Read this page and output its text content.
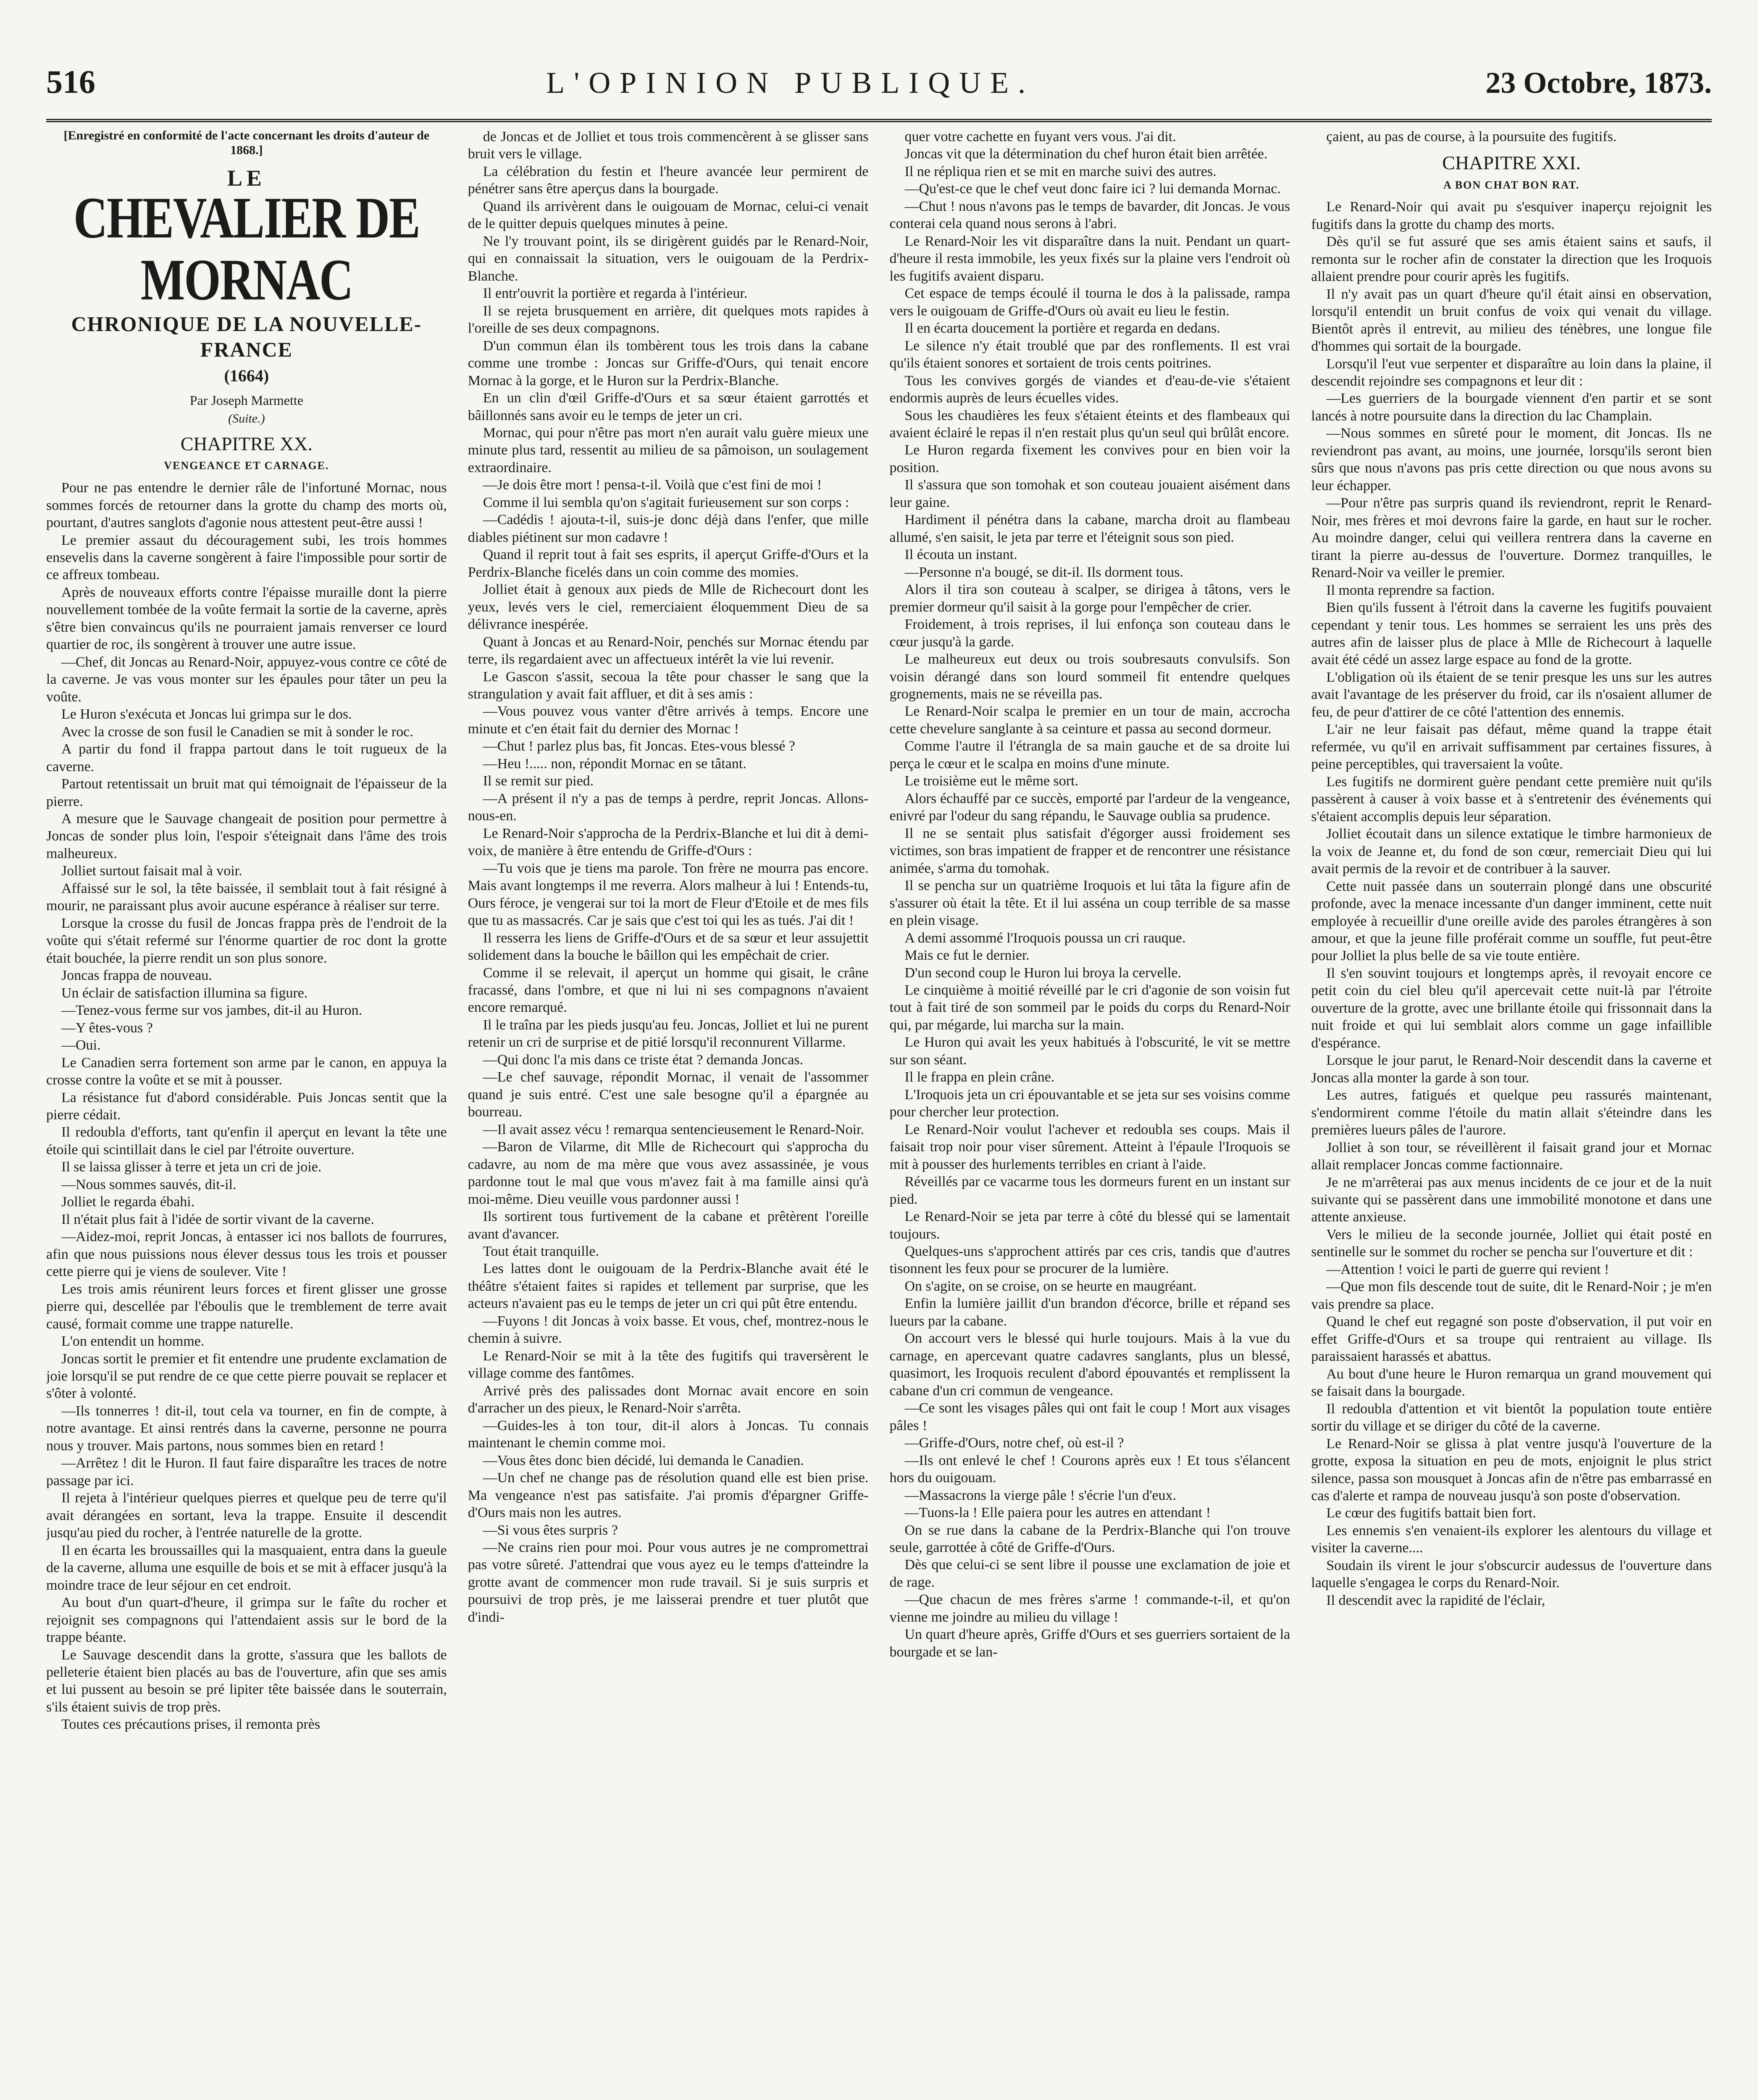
516	L'OPINION PUBLIQUE.	23 Octobre, 1873.
[Enregistré en conformité de l'acte concernant les droits d'auteur de 1868.]
LE
CHEVALIER DE MORNAC
CHRONIQUE DE LA NOUVELLE-FRANCE
(1664)
Par Joseph Marmette
(Suite.)
CHAPITRE XX.
VENGEANCE ET CARNAGE.

Pour ne pas entendre le dernier râle de l'infortuné Mornac, nous sommes forcés de retourner dans la grotte du champ des morts où, pourtant, d'autres sanglots d'agonie nous attestent peut-être aussi !

Le premier assaut du découragement subi, les trois hommes ensevelis dans la caverne songèrent à faire l'impossible pour sortir de ce affreux tombeau.

Après de nouveaux efforts contre l'épaisse muraille dont la pierre nouvellement tombée de la voûte fermait la sortie de la caverne, après s'être bien convaincus qu'ils ne pourraient jamais renverser ce lourd quartier de roc, ils songèrent à trouver une autre issue.

—Chef, dit Joncas au Renard-Noir, appuyez-vous contre ce côté de la caverne. Je vas vous monter sur les épaules pour tâter un peu la voûte.

Le Huron s'exécuta et Joncas lui grimpa sur le dos.

Avec la crosse de son fusil le Canadien se mit à sonder le roc.

A partir du fond il frappa partout dans le toit rugueux de la caverne.

Partout retentissait un bruit mat qui témoignait de l'épaisseur de la pierre.

A mesure que le Sauvage changeait de position pour permettre à Joncas de sonder plus loin, l'espoir s'éteignait dans l'âme des trois malheureux.

Jolliet surtout faisait mal à voir.

Affaissé sur le sol, la tête baissée, il semblait tout à fait résigné à mourir, ne paraissant plus avoir aucune espérance à réaliser sur terre.

Lorsque la crosse du fusil de Joncas frappa près de l'endroit de la voûte qui s'était refermé sur l'énorme quartier de roc dont la grotte était bouchée, la pierre rendit un son plus sonore.

Joncas frappa de nouveau.

Un éclair de satisfaction illumina sa figure.

—Tenez-vous ferme sur vos jambes, dit-il au Huron.

—Y êtes-vous ?

—Oui.

Le Canadien serra fortement son arme par le canon, en appuya la crosse contre la voûte et se mit à pousser.

La résistance fut d'abord considérable. Puis Joncas sentit que la pierre cédait.

Il redoubla d'efforts, tant qu'enfin il aperçut en levant la tête une étoile qui scintillait dans le ciel par l'étroite ouverture.

Il se laissa glisser à terre et jeta un cri de joie.

—Nous sommes sauvés, dit-il.

Jolliet le regarda ébahi.

Il n'était plus fait à l'idée de sortir vivant de la caverne.

—Aidez-moi, reprit Joncas, à entasser ici nos ballots de fourrures, afin que nous puissions nous élever dessus tous les trois et pousser cette pierre qui je viens de soulever. Vite !

Les trois amis réunirent leurs forces et firent glisser une grosse pierre qui, descellée par l'éboulis que le tremblement de terre avait causé, formait comme une trappe naturelle.

L'on entendit un homme.

Joncas sortit le premier et fit entendre une prudente exclamation de joie lorsqu'il se put rendre de ce que cette pierre pouvait se replacer et s'ôter à volonté.

—Ils tonnerres ! dit-il, tout cela va tourner, en fin de compte, à notre avantage. Et ainsi rentrés dans la caverne, personne ne pourra nous y trouver. Mais partons, nous sommes bien en retard !

—Arrêtez ! dit le Huron. Il faut faire disparaître les traces de notre passage par ici.

Il rejeta à l'intérieur quelques pierres et quelque peu de terre qu'il avait dérangées en sortant, leva la trappe. Ensuite il descendit jusqu'au pied du rocher, à l'entrée naturelle de la grotte.

Il en écarta les broussailles qui la masquaient, entra dans la gueule de la caverne, alluma une esquille de bois et se mit à effacer jusqu'à la moindre trace de leur séjour en cet endroit.

Au bout d'un quart-d'heure, il grimpa sur le faîte du rocher et rejoignit ses compagnons qui l'attendaient assis sur le bord de la trappe béante.

Le Sauvage descendit dans la grotte, s'assura que les ballots de pelleterie étaient bien placés au bas de l'ouverture, afin que ses amis et lui pussent au besoin se pré lipiter tête baissée dans le souterrain, s'ils étaient suivis de trop près.

Toutes ces précautions prises, il remonta près

de Joncas et de Jolliet et tous trois commencèrent à se glisser sans bruit vers le village.

La célébration du festin et l'heure avancée leur permirent de pénétrer sans être aperçus dans la bourgade.

Quand ils arrivèrent dans le ouigouam de Mornac, celui-ci venait de le quitter depuis quelques minutes à peine.

Ne l'y trouvant point, ils se dirigèrent guidés par le Renard-Noir, qui en connaissait la situation, vers le ouigouam de la Perdrix-Blanche.

Il entr'ouvrit la portière et regarda à l'intérieur.

Il se rejeta brusquement en arrière, dit quelques mots rapides à l'oreille de ses deux compagnons.

D'un commun élan ils tombèrent tous les trois dans la cabane comme une trombe : Joncas sur Griffe-d'Ours, qui tenait encore Mornac à la gorge, et le Huron sur la Perdrix-Blanche.

En un clin d'œil Griffe-d'Ours et sa sœur étaient garrottés et bâillonnés sans avoir eu le temps de jeter un cri.

Mornac, qui pour n'être pas mort n'en aurait valu guère mieux une minute plus tard, ressentit au milieu de sa pâmoison, un soulagement extraordinaire.

—Je dois être mort ! pensa-t-il. Voilà que c'est fini de moi !

Comme il lui sembla qu'on s'agitait furieusement sur son corps :

—Cadédis ! ajouta-t-il, suis-je donc déjà dans l'enfer, que mille diables piétinent sur mon cadavre !

Quand il reprit tout à fait ses esprits, il aperçut Griffe-d'Ours et la Perdrix-Blanche ficelés dans un coin comme des momies.

Jolliet était à genoux aux pieds de Mlle de Richecourt dont les yeux, levés vers le ciel, remerciaient éloquemment Dieu de sa délivrance inespérée.

Quant à Joncas et au Renard-Noir, penchés sur Mornac étendu par terre, ils regardaient avec un affectueux intérêt la vie lui revenir.

Le Gascon s'assit, secoua la tête pour chasser le sang que la strangulation y avait fait affluer, et dit à ses amis :

—Vous pouvez vous vanter d'être arrivés à temps. Encore une minute et c'en était fait du dernier des Mornac !

—Chut ! parlez plus bas, fit Joncas. Etes-vous blessé ?

—Heu !..... non, répondit Mornac en se tâtant.

Il se remit sur pied.

—A présent il n'y a pas de temps à perdre, reprit Joncas. Allons-nous-en.

Le Renard-Noir s'approcha de la Perdrix-Blanche et lui dit à demi-voix, de manière à être entendu de Griffe-d'Ours :

—Tu vois que je tiens ma parole. Ton frère ne mourra pas encore. Mais avant longtemps il me reverra. Alors malheur à lui ! Entends-tu, Ours féroce, je vengerai sur toi la mort de Fleur d'Etoile et de mes fils que tu as massacrés. Car je sais que c'est toi qui les as tués. J'ai dit !

Il resserra les liens de Griffe-d'Ours et de sa sœur et leur assujettit solidement dans la bouche le bâillon qui les empêchait de crier.

Comme il se relevait, il aperçut un homme qui gisait, le crâne fracassé, dans l'ombre, et que ni lui ni ses compagnons n'avaient encore remarqué.

Il le traîna par les pieds jusqu'au feu. Joncas, Jolliet et lui ne purent retenir un cri de surprise et de pitié lorsqu'il reconnurent Villarme.

—Qui donc l'a mis dans ce triste état ? demanda Joncas.

—Le chef sauvage, répondit Mornac, il venait de l'assommer quand je suis entré. C'est une sale besogne qu'il a épargnée au bourreau.

—Il avait assez vécu ! remarqua sentencieusement le Renard-Noir.

—Baron de Vilarme, dit Mlle de Richecourt qui s'approcha du cadavre, au nom de ma mère que vous avez assassinée, je vous pardonne tout le mal que vous m'avez fait à ma famille ainsi qu'à moi-même. Dieu veuille vous pardonner aussi !

Ils sortirent tous furtivement de la cabane et prêtèrent l'oreille avant d'avancer.

Tout était tranquille.

Les lattes dont le ouigouam de la Perdrix-Blanche avait été le théâtre s'étaient faites si rapides et tellement par surprise, que les acteurs n'avaient pas eu le temps de jeter un cri qui pût être entendu.

—Fuyons ! dit Joncas à voix basse. Et vous, chef, montrez-nous le chemin à suivre.

Le Renard-Noir se mit à la tête des fugitifs qui traversèrent le village comme des fantômes.

Arrivé près des palissades dont Mornac avait encore en soin d'arracher un des pieux, le Renard-Noir s'arrêta.

—Guides-les à ton tour, dit-il alors à Joncas. Tu connais maintenant le chemin comme moi.

—Vous êtes donc bien décidé, lui demanda le Canadien.

—Un chef ne change pas de résolution quand elle est bien prise. Ma vengeance n'est pas satisfaite. J'ai promis d'épargner Griffe-d'Ours mais non les autres.

—Si vous êtes surpris ?

—Ne crains rien pour moi. Pour vous autres je ne compromettrai pas votre sûreté. J'attendrai que vous ayez eu le temps d'atteindre la grotte avant de commencer mon rude travail. Si je suis surpris et poursuivi de trop près, je me laisserai prendre et tuer plutôt que d'indi-

quer votre cachette en fuyant vers vous. J'ai dit.

Joncas vit que la détermination du chef huron était bien arrêtée.

Il ne répliqua rien et se mit en marche suivi des autres.

—Qu'est-ce que le chef veut donc faire ici ? lui demanda Mornac.

—Chut ! nous n'avons pas le temps de bavarder, dit Joncas. Je vous conterai cela quand nous serons à l'abri.

Le Renard-Noir les vit disparaître dans la nuit. Pendant un quart-d'heure il resta immobile, les yeux fixés sur la plaine vers l'endroit où les fugitifs avaient disparu.

Cet espace de temps écoulé il tourna le dos à la palissade, rampa vers le ouigouam de Griffe-d'Ours où avait eu lieu le festin.

Il en écarta doucement la portière et regarda en dedans.

Le silence n'y était troublé que par des ronflements. Il est vrai qu'ils étaient sonores et sortaient de trois cents poitrines.

Tous les convives gorgés de viandes et d'eau-de-vie s'étaient endormis auprès de leurs écuelles vides.

Sous les chaudières les feux s'étaient éteints et des flambeaux qui avaient éclairé le repas il n'en restait plus qu'un seul qui brûlât encore.

Le Huron regarda fixement les convives pour en bien voir la position.

Il s'assura que son tomohak et son couteau jouaient aisément dans leur gaine.

Hardiment il pénétra dans la cabane, marcha droit au flambeau allumé, s'en saisit, le jeta par terre et l'éteignit sous son pied.

Il écouta un instant.

—Personne n'a bougé, se dit-il. Ils dorment tous.

Alors il tira son couteau à scalper, se dirigea à tâtons, vers le premier dormeur qu'il saisit à la gorge pour l'empêcher de crier.

Froidement, à trois reprises, il lui enfonça son couteau dans le cœur jusqu'à la garde.

Le malheureux eut deux ou trois soubresauts convulsifs. Son voisin dérangé dans son lourd sommeil fit entendre quelques grognements, mais ne se réveilla pas.

Le Renard-Noir scalpa le premier en un tour de main, accrocha cette chevelure sanglante à sa ceinture et passa au second dormeur.

Comme l'autre il l'étrangla de sa main gauche et de sa droite lui perça le cœur et le scalpa en moins d'une minute.

Le troisième eut le même sort.

Alors échauffé par ce succès, emporté par l'ardeur de la vengeance, enivré par l'odeur du sang répandu, le Sauvage oublia sa prudence.

Il ne se sentait plus satisfait d'égorger aussi froidement ses victimes, son bras impatient de frapper et de rencontrer une résistance animée, s'arma du tomohak.

Il se pencha sur un quatrième Iroquois et lui tâta la figure afin de s'assurer où était la tête. Et il lui asséna un coup terrible de sa masse en plein visage.

A demi assommé l'Iroquois poussa un cri rauque.

Mais ce fut le dernier.

D'un second coup le Huron lui broya la cervelle.

Le cinquième à moitié réveillé par le cri d'agonie de son voisin fut tout à fait tiré de son sommeil par le poids du corps du Renard-Noir qui, par mégarde, lui marcha sur la main.

Le Huron qui avait les yeux habitués à l'obscurité, le vit se mettre sur son séant.

Il le frappa en plein crâne.

L'Iroquois jeta un cri épouvantable et se jeta sur ses voisins comme pour chercher leur protection.

Le Renard-Noir voulut l'achever et redoubla ses coups. Mais il faisait trop noir pour viser sûrement. Atteint à l'épaule l'Iroquois se mit à pousser des hurlements terribles en criant à l'aide.

Réveillés par ce vacarme tous les dormeurs furent en un instant sur pied.

Le Renard-Noir se jeta par terre à côté du blessé qui se lamentait toujours.

Quelques-uns s'approchent attirés par ces cris, tandis que d'autres tisonnent les feux pour se procurer de la lumière.

On s'agite, on se croise, on se heurte en maugréant.

Enfin la lumière jaillit d'un brandon d'écorce, brille et répand ses lueurs par la cabane.

On accourt vers le blessé qui hurle toujours. Mais à la vue du carnage, en apercevant quatre cadavres sanglants, plus un blessé, quasimort, les Iroquois reculent d'abord épouvantés et remplissent la cabane d'un cri commun de vengeance.

—Ce sont les visages pâles qui ont fait le coup ! Mort aux visages pâles !

—Griffe-d'Ours, notre chef, où est-il ?

—Ils ont enlevé le chef ! Courons après eux ! Et tous s'élancent hors du ouigouam.

—Massacrons la vierge pâle ! s'écrie l'un d'eux.

—Tuons-la ! Elle paiera pour les autres en attendant !

On se rue dans la cabane de la Perdrix-Blanche qui l'on trouve seule, garrottée à côté de Griffe-d'Ours.

Dès que celui-ci se sent libre il pousse une exclamation de joie et de rage.

—Que chacun de mes frères s'arme ! commande-t-il, et qu'on vienne me joindre au milieu du village !

Un quart d'heure après, Griffe d'Ours et ses guerriers sortaient de la bourgade et se lan-

çaient, au pas de course, à la poursuite des fugitifs.

CHAPITRE XXI.
A BON CHAT BON RAT.

Le Renard-Noir qui avait pu s'esquiver inaperçu rejoignit les fugitifs dans la grotte du champ des morts.

Dès qu'il se fut assuré que ses amis étaient sains et saufs, il remonta sur le rocher afin de constater la direction que les Iroquois allaient prendre pour courir après les fugitifs.

Il n'y avait pas un quart d'heure qu'il était ainsi en observation, lorsqu'il entendit un bruit confus de voix qui venait du village. Bientôt après il entrevit, au milieu des ténèbres, une longue file d'hommes qui sortait de la bourgade.

Lorsqu'il l'eut vue serpenter et disparaître au loin dans la plaine, il descendit rejoindre ses compagnons et leur dit :

—Les guerriers de la bourgade viennent d'en partir et se sont lancés à notre poursuite dans la direction du lac Champlain.

—Nous sommes en sûreté pour le moment, dit Joncas. Ils ne reviendront pas avant, au moins, une journée, lorsqu'ils seront bien sûrs que nous n'avons pas pris cette direction ou que nous avons su leur échapper.

—Pour n'être pas surpris quand ils reviendront, reprit le Renard-Noir, mes frères et moi devrons faire la garde, en haut sur le rocher. Au moindre danger, celui qui veillera rentrera dans la caverne en tirant la pierre au-dessus de l'ouverture. Dormez tranquilles, le Renard-Noir va veiller le premier.

Il monta reprendre sa faction.

Bien qu'ils fussent à l'étroit dans la caverne les fugitifs pouvaient cependant y tenir tous. Les hommes se serraient les uns près des autres afin de laisser plus de place à Mlle de Richecourt à laquelle avait été cédé un assez large espace au fond de la grotte.

L'obligation où ils étaient de se tenir presque les uns sur les autres avait l'avantage de les préserver du froid, car ils n'osaient allumer de feu, de peur d'attirer de ce côté l'attention des ennemis.

L'air ne leur faisait pas défaut, même quand la trappe était refermée, vu qu'il en arrivait suffisamment par certaines fissures, à peine perceptibles, qui traversaient la voûte.

Les fugitifs ne dormirent guère pendant cette première nuit qu'ils passèrent à causer à voix basse et à s'entretenir des événements qui s'étaient accomplis depuis leur séparation.

Jolliet écoutait dans un silence extatique le timbre harmonieux de la voix de Jeanne et, du fond de son cœur, remerciait Dieu qui lui avait permis de la revoir et de contribuer à la sauver.

Cette nuit passée dans un souterrain plongé dans une obscurité profonde, avec la menace incessante d'un danger imminent, cette nuit employée à recueillir d'une oreille avide des paroles étrangères à son amour, et que la jeune fille proférait comme un souffle, fut peut-être pour Jolliet la plus belle de sa vie toute entière.

Il s'en souvint toujours et longtemps après, il revoyait encore ce petit coin du ciel bleu qu'il apercevait cette nuit-là par l'étroite ouverture de la grotte, avec une brillante étoile qui frissonnait dans la nuit froide et qui lui semblait alors comme un gage infaillible d'espérance.

Lorsque le jour parut, le Renard-Noir descendit dans la caverne et Joncas alla monter la garde à son tour.

Les autres, fatigués et quelque peu rassurés maintenant, s'endormirent comme l'étoile du matin allait s'éteindre dans les premières lueurs pâles de l'aurore.

Jolliet à son tour, se réveillèrent il faisait grand jour et Mornac allait remplacer Joncas comme factionnaire.

Je ne m'arrêterai pas aux menus incidents de ce jour et de la nuit suivante qui se passèrent dans une immobilité monotone et dans une attente anxieuse.

Vers le milieu de la seconde journée, Jolliet qui était posté en sentinelle sur le sommet du rocher se pencha sur l'ouverture et dit :

—Attention ! voici le parti de guerre qui revient !

—Que mon fils descende tout de suite, dit le Renard-Noir ; je m'en vais prendre sa place.

Quand le chef eut regagné son poste d'observation, il put voir en effet Griffe-d'Ours et sa troupe qui rentraient au village. Ils paraissaient harassés et abattus.

Au bout d'une heure le Huron remarqua un grand mouvement qui se faisait dans la bourgade.

Il redoubla d'attention et vit bientôt la population toute entière sortir du village et se diriger du côté de la caverne.

Le Renard-Noir se glissa à plat ventre jusqu'à l'ouverture de la grotte, exposa la situation en peu de mots, enjoignit le plus strict silence, passa son mousquet à Joncas afin de n'être pas embarrassé en cas d'alerte et rampa de nouveau jusqu'à son poste d'observation.

Le cœur des fugitifs battait bien fort.

Les ennemis s'en venaient-ils explorer les alentours du village et visiter la caverne....

Soudain ils virent le jour s'obscurcir audessus de l'ouverture dans laquelle s'engagea le corps du Renard-Noir.

Il descendit avec la rapidité de l'éclair,
